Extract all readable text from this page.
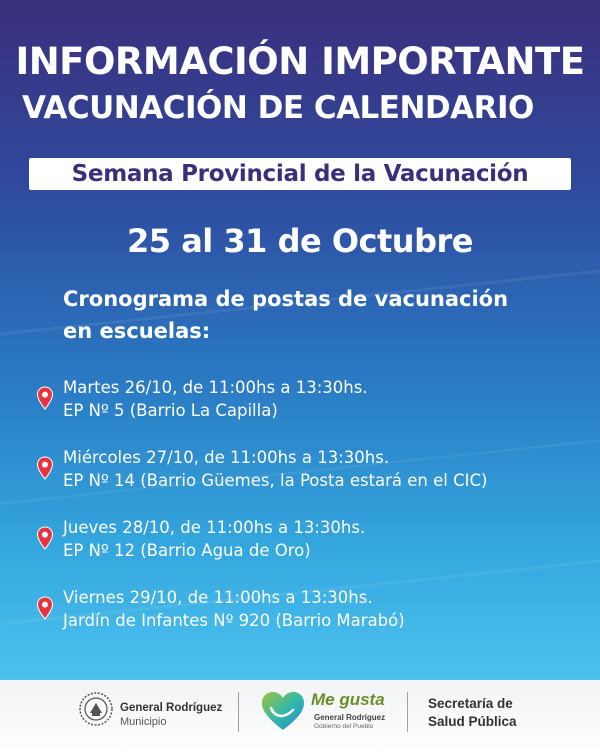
INFORMACIÓN IMPORTANTE
VACUNACIÓN DE CALENDARIO
Semana Provincial de la Vacunación
25 al 31 de Octubre
Cronograma de postas de vacunación
en escuelas:
Martes 26/10, de 11:00hs a 13:30hs.
EP Nº 5 (Barrio La Capilla)
Miércoles 27/10, de 11:00hs a 13:30hs.
EP Nº 14 (Barrio Güemes, la Posta estará en el CIC)
Jueves 28/10, de 11:00hs a 13:30hs.
EP Nº 12 (Barrio Agua de Oro)
Viernes 29/10, de 11:00hs a 13:30hs.
Jardín de Infantes Nº 920 (Barrio Marabó)
General Rodríguez
Municipio
Me gusta
General Rodríguez
Gobierno del Pueblo
Secretaría de
Salud Pública
